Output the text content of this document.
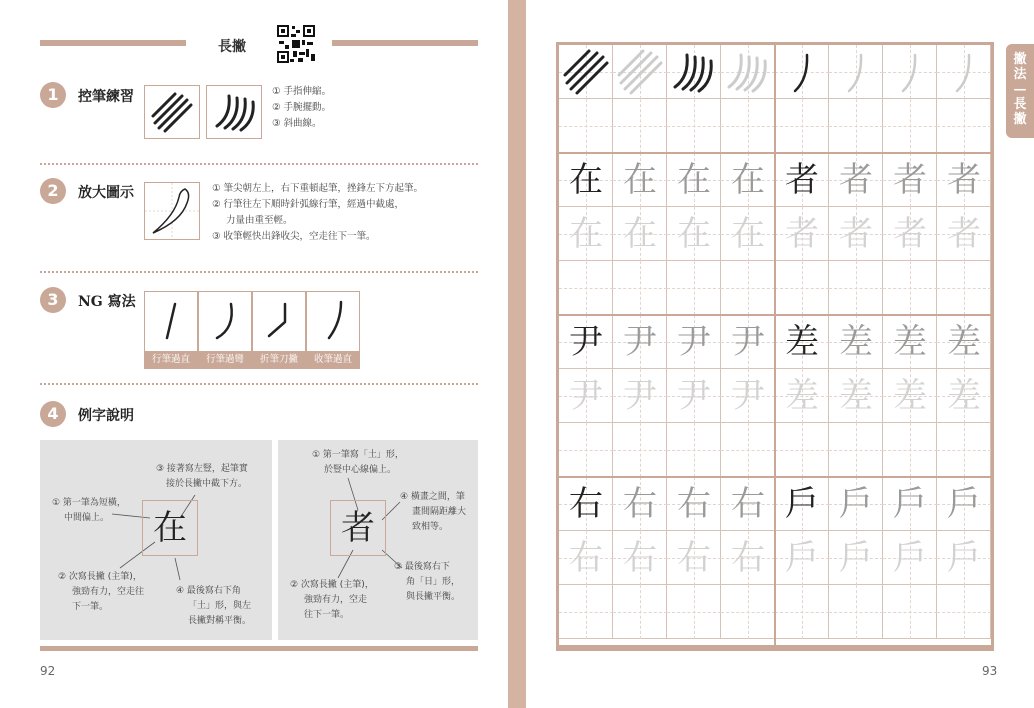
長撇
1	控筆練習	① 手指伸縮。
② 手腕擺動。
③ 斜曲線。
2	放大圖示	① 筆尖朝左上，右下重頓起筆，挫鋒左下方起筆。
② 行筆往左下順時針弧線行筆，經過中截處，
力量由重至輕。
③ 收筆輕快出鋒收尖，空走往下一筆。
3	NG 寫法
行筆過直	行筆過彎	折筆刀撇	收筆過直
4	例字說明
在
③ 接著寫左豎，起筆實
接於長撇中截下方。
① 第一筆為短橫，
中間偏上。
② 次寫長撇 (主筆)，
強勁有力，空走往
下一筆。
④ 最後寫右下角
「土」形，與左
長撇對稱平衡。
者
① 第一筆寫「土」形，
於豎中心線偏上。
④ 橫畫之間，筆
畫間隔距離大
致相等。
③ 最後寫右下
角「日」形，
與長撇平衡。
② 次寫長撇 (主筆)，
強勁有力，空走
往下一筆。
92
在 在 在 在 者 者 者 者
在 在 在 在 者 者 者 者
尹 尹 尹 尹 差 差 差 差
尹 尹 尹 尹 差 差 差 差
右 右 右 右 戶 戶 戶 戶
右 右 右 右 戶 戶 戶 戶
撇
法
—
長
撇
93
